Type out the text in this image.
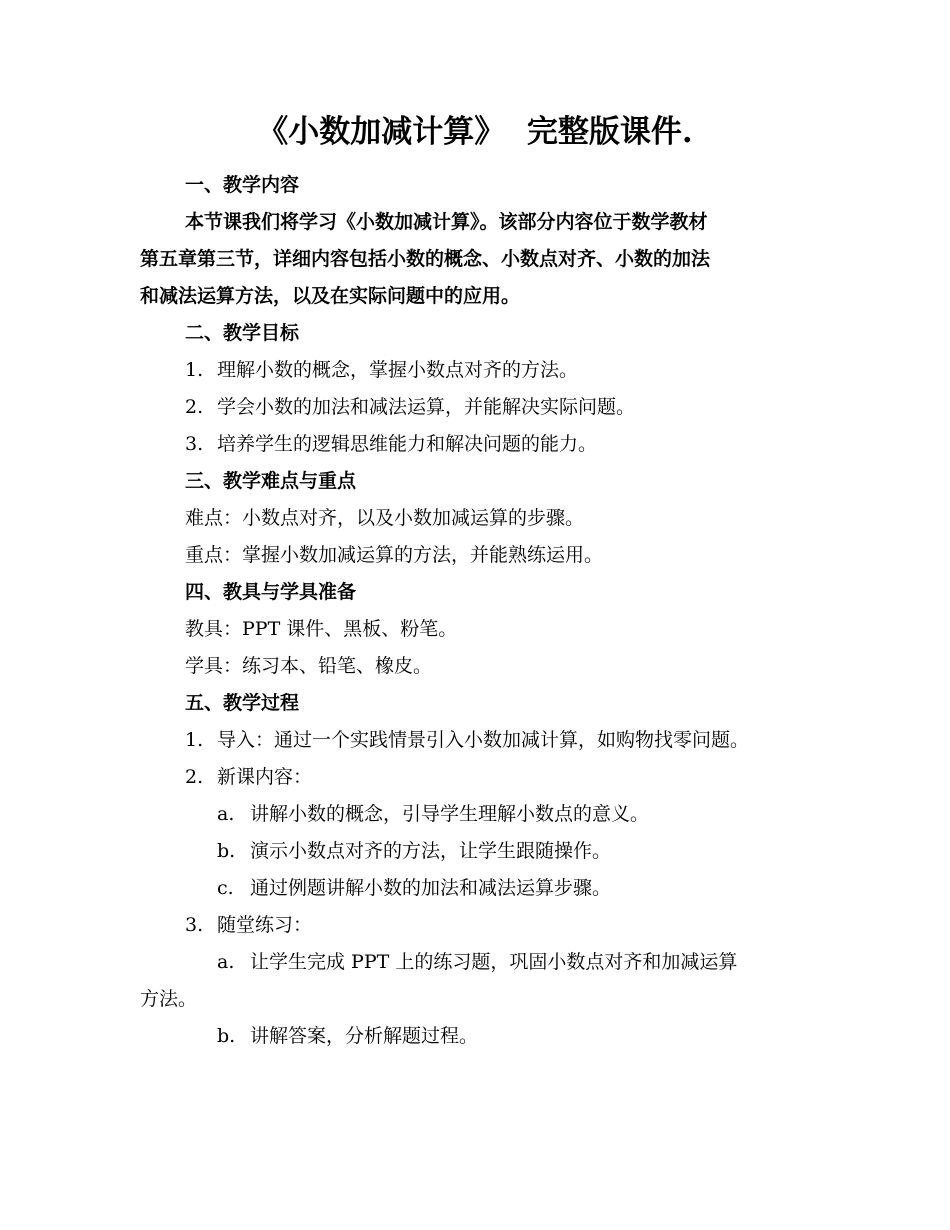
《小数加减计算》  完整版课件.
一、教学内容
本节课我们将学习《小数加减计算》。该部分内容位于数学教材
第五章第三节，详细内容包括小数的概念、小数点对齐、小数的加法
和减法运算方法，以及在实际问题中的应用。
二、教学目标
1. 理解小数的概念，掌握小数点对齐的方法。
2. 学会小数的加法和减法运算，并能解决实际问题。
3. 培养学生的逻辑思维能力和解决问题的能力。
三、教学难点与重点
难点：小数点对齐，以及小数加减运算的步骤。
重点：掌握小数加减运算的方法，并能熟练运用。
四、教具与学具准备
教具：PPT 课件、黑板、粉笔。
学具：练习本、铅笔、橡皮。
五、教学过程
1. 导入：通过一个实践情景引入小数加减计算，如购物找零问题。
2. 新课内容：
a. 讲解小数的概念，引导学生理解小数点的意义。
b. 演示小数点对齐的方法，让学生跟随操作。
c. 通过例题讲解小数的加法和减法运算步骤。
3. 随堂练习：
a. 让学生完成 PPT 上的练习题，巩固小数点对齐和加减运算
方法。
b. 讲解答案，分析解题过程。
